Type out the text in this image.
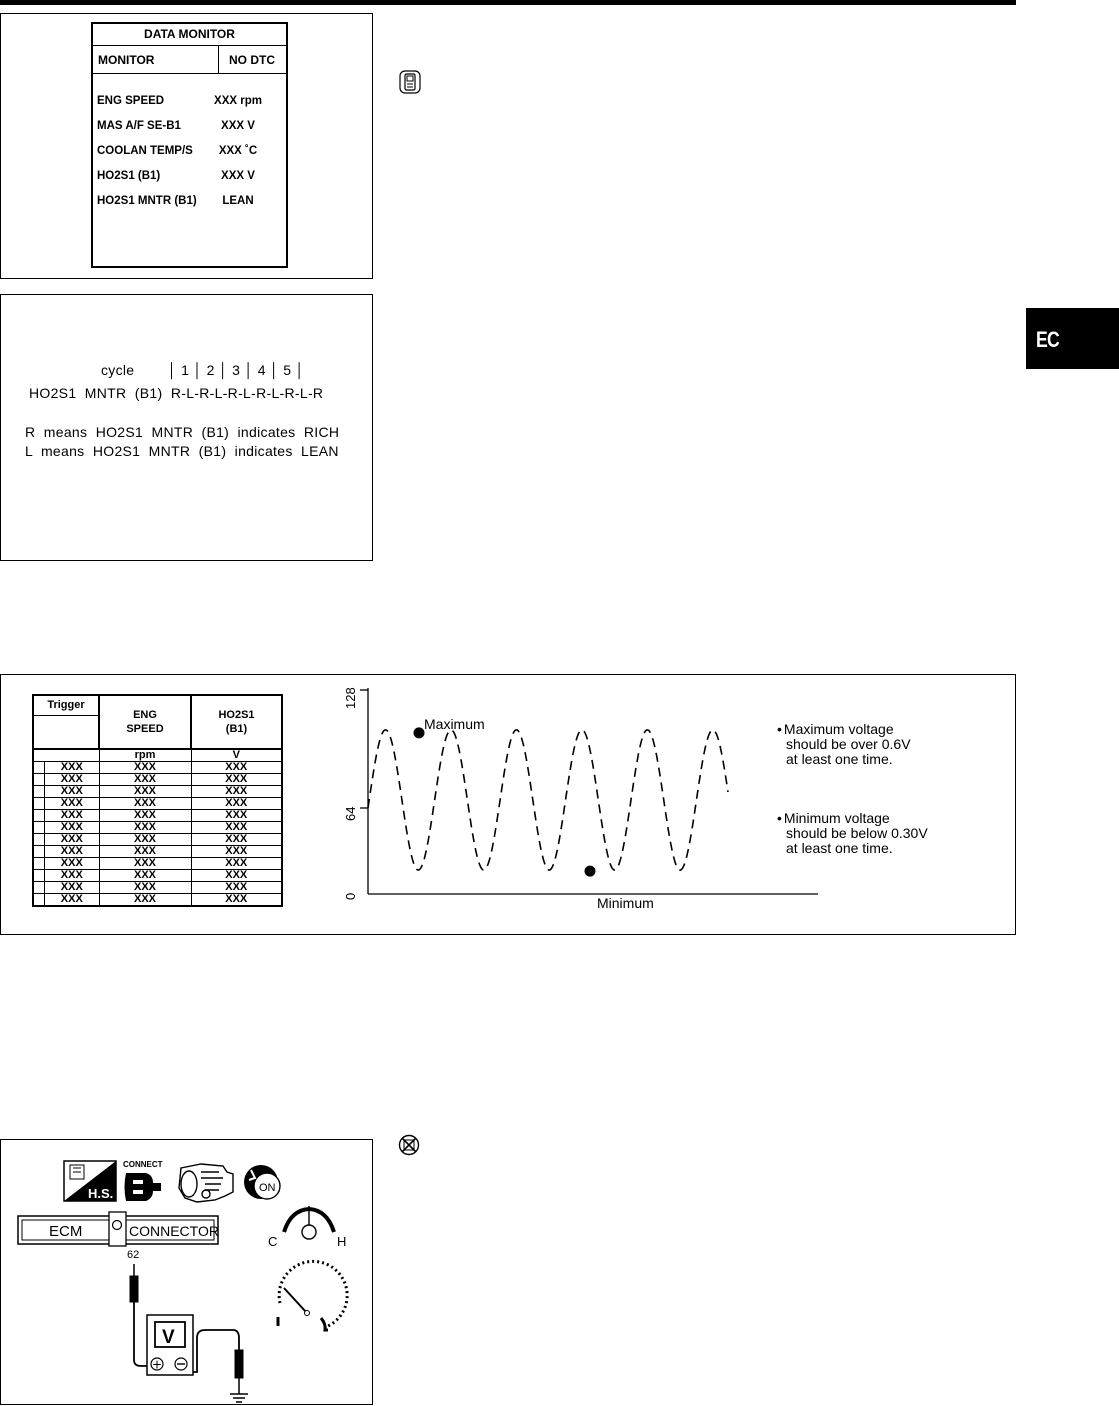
EC
DATA MONITOR
MONITOR	NO DTC
ENG SPEED	XXX rpm
MAS A/F SE-B1	XXX V
COOLAN TEMP/S	XXX ˚C
HO2S1 (B1)	XXX V
HO2S1 MNTR (B1)	LEAN
cycle        │ 1 │ 2 │ 3 │ 4 │ 5 │
HO2S1  MNTR  (B1)  R-L-R-L-R-L-R-L-R-L-R
R  means  HO2S1  MNTR  (B1)  indicates  RICH
L  means  HO2S1  MNTR  (B1)  indicates  LEAN
Trigger		ENG SPEED	HO2S1 (B1)

		rpm	V
	XXX	XXX	XXX
	XXX	XXX	XXX
	XXX	XXX	XXX
	XXX	XXX	XXX
	XXX	XXX	XXX
	XXX	XXX	XXX
	XXX	XXX	XXX
	XXX	XXX	XXX
	XXX	XXX	XXX
	XXX	XXX	XXX
	XXX	XXX	XXX
	XXX	XXX	XXX
128
64
0
Maximum
Minimum
• Maximum voltage
should be over 0.6V
at least one time.
• Minimum voltage
should be below 0.30V
at least one time.
H.S.
CONNECT
ON
ECM	CONNECTOR
62
V
+
C	H
